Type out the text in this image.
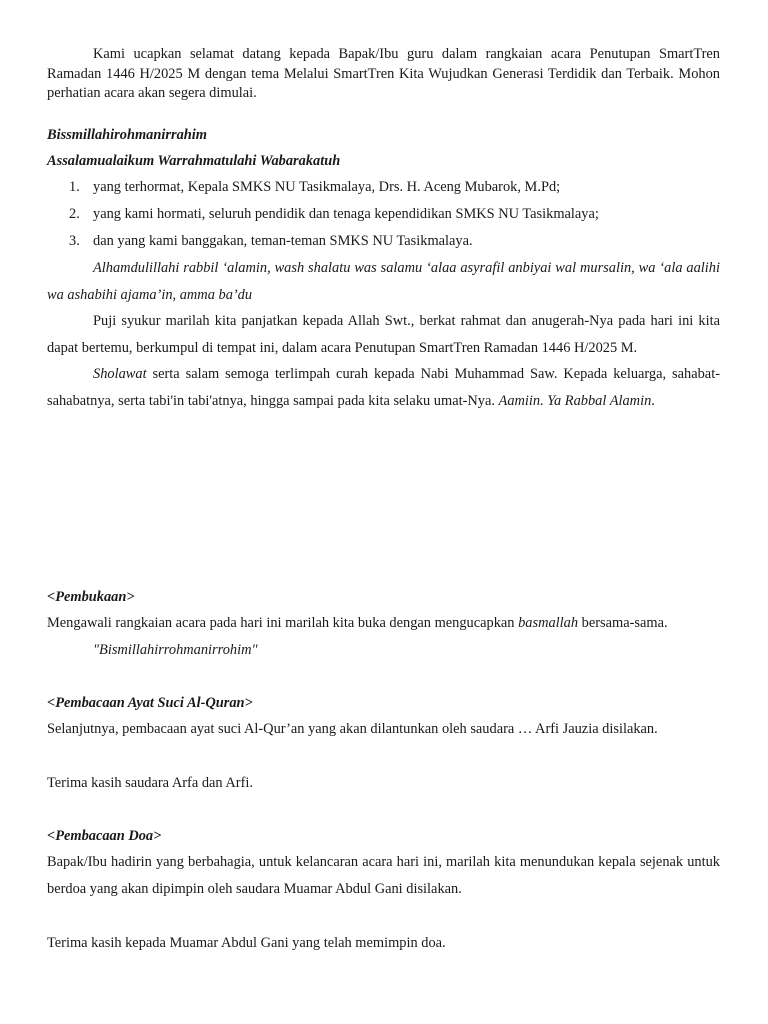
Kami ucapkan selamat datang kepada Bapak/Ibu guru dalam rangkaian acara Penutupan SmartTren Ramadan 1446 H/2025 M dengan tema Melalui SmartTren Kita Wujudkan Generasi Terdidik dan Terbaik. Mohon perhatian acara akan segera dimulai.

Bissmillahirohmanirrahim

Assalamualaikum Warrahmatulahi Wabarakatuh

1. yang terhormat, Kepala SMKS NU Tasikmalaya, Drs. H. Aceng Mubarok, M.Pd;
2. yang kami hormati, seluruh pendidik dan tenaga kependidikan SMKS NU Tasikmalaya;
3. dan yang kami banggakan, teman-teman SMKS NU Tasikmalaya.

Alhamdulillahi rabbil ‘alamin, wash shalatu was salamu ‘alaa asyrafil anbiyai wal mursalin, wa ‘ala aalihi wa ashabihi ajama’in, amma ba’du

Puji syukur marilah kita panjatkan kepada Allah Swt., berkat rahmat dan anugerah-Nya pada hari ini kita dapat bertemu, berkumpul di tempat ini, dalam acara Penutupan SmartTren Ramadan 1446 H/2025 M.

Sholawat serta salam semoga terlimpah curah kepada Nabi Muhammad Saw. Kepada keluarga, sahabat-sahabatnya, serta tabi'in tabi'atnya, hingga sampai pada kita selaku umat-Nya. Aamiin. Ya Rabbal Alamin.

<Pembukaan>

Mengawali rangkaian acara pada hari ini marilah kita buka dengan mengucapkan basmallah bersama-sama.

"Bismillahirrohmanirrohim"

<Pembacaan Ayat Suci Al-Quran>

Selanjutnya, pembacaan ayat suci Al-Qur’an yang akan dilantunkan oleh saudara … Arfi Jauzia disilakan.

Terima kasih saudara Arfa dan Arfi.

<Pembacaan Doa>

Bapak/Ibu hadirin yang berbahagia, untuk kelancaran acara hari ini, marilah kita menundukan kepala sejenak untuk berdoa yang akan dipimpin oleh saudara Muamar Abdul Gani disilakan.

Terima kasih kepada Muamar Abdul Gani yang telah memimpin doa.
